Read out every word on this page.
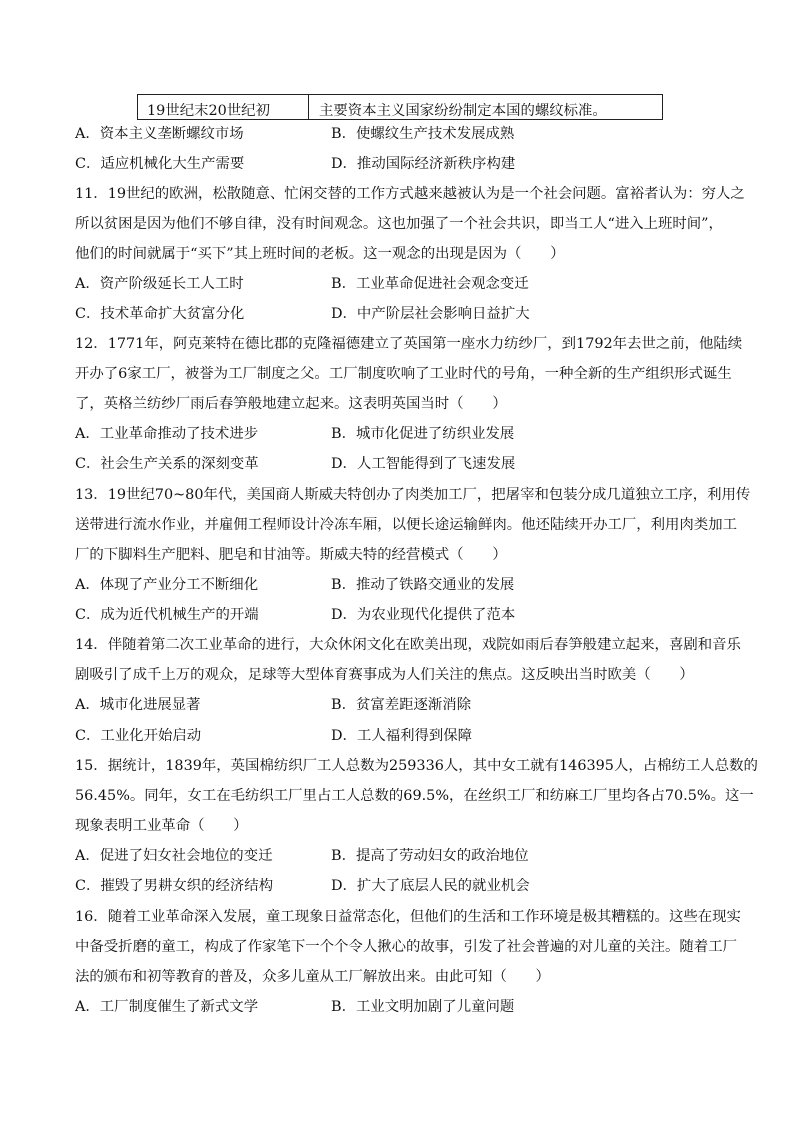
19世纪末20世纪初	主要资本主义国家纷纷制定本国的螺纹标准。
A．资本主义垄断螺纹市场	B．使螺纹生产技术发展成熟
C．适应机械化大生产需要	D．推动国际经济新秩序构建
11．19世纪的欧洲，松散随意、忙闲交替的工作方式越来越被认为是一个社会问题。富裕者认为：穷人之
所以贫困是因为他们不够自律，没有时间观念。这也加强了一个社会共识，即当工人“进入上班时间”，
他们的时间就属于“买下”其上班时间的老板。这一观念的出现是因为（　　）
A．资产阶级延长工人工时	B．工业革命促进社会观念变迁
C．技术革命扩大贫富分化	D．中产阶层社会影响日益扩大
12．1771年，阿克莱特在德比郡的克隆福德建立了英国第一座水力纺纱厂，到1792年去世之前，他陆续
开办了6家工厂，被誉为工厂制度之父。工厂制度吹响了工业时代的号角，一种全新的生产组织形式诞生
了，英格兰纺纱厂雨后春笋般地建立起来。这表明英国当时（　　）
A．工业革命推动了技术进步	B．城市化促进了纺织业发展
C．社会生产关系的深刻变革	D．人工智能得到了飞速发展
13．19世纪70~80年代，美国商人斯威夫特创办了肉类加工厂，把屠宰和包装分成几道独立工序，利用传
送带进行流水作业，并雇佣工程师设计冷冻车厢，以便长途运输鲜肉。他还陆续开办工厂，利用肉类加工
厂的下脚料生产肥料、肥皂和甘油等。斯威夫特的经营模式（　　）
A．体现了产业分工不断细化	B．推动了铁路交通业的发展
C．成为近代机械生产的开端	D．为农业现代化提供了范本
14．伴随着第二次工业革命的进行，大众休闲文化在欧美出现，戏院如雨后春笋般建立起来，喜剧和音乐
剧吸引了成千上万的观众，足球等大型体育赛事成为人们关注的焦点。这反映出当时欧美（　　）
A．城市化进展显著	B．贫富差距逐渐消除
C．工业化开始启动	D．工人福利得到保障
15．据统计，1839年，英国棉纺织厂工人总数为259336人，其中女工就有146395人，占棉纺工人总数的
56.45%。同年，女工在毛纺织工厂里占工人总数的69.5%，在丝织工厂和纺麻工厂里均各占70.5%。这一
现象表明工业革命（　　）
A．促进了妇女社会地位的变迁	B．提高了劳动妇女的政治地位
C．摧毁了男耕女织的经济结构	D．扩大了底层人民的就业机会
16．随着工业革命深入发展，童工现象日益常态化，但他们的生活和工作环境是极其糟糕的。这些在现实
中备受折磨的童工，构成了作家笔下一个个令人揪心的故事，引发了社会普遍的对儿童的关注。随着工厂
法的颁布和初等教育的普及，众多儿童从工厂解放出来。由此可知（　　）
A．工厂制度催生了新式文学	B．工业文明加剧了儿童问题
